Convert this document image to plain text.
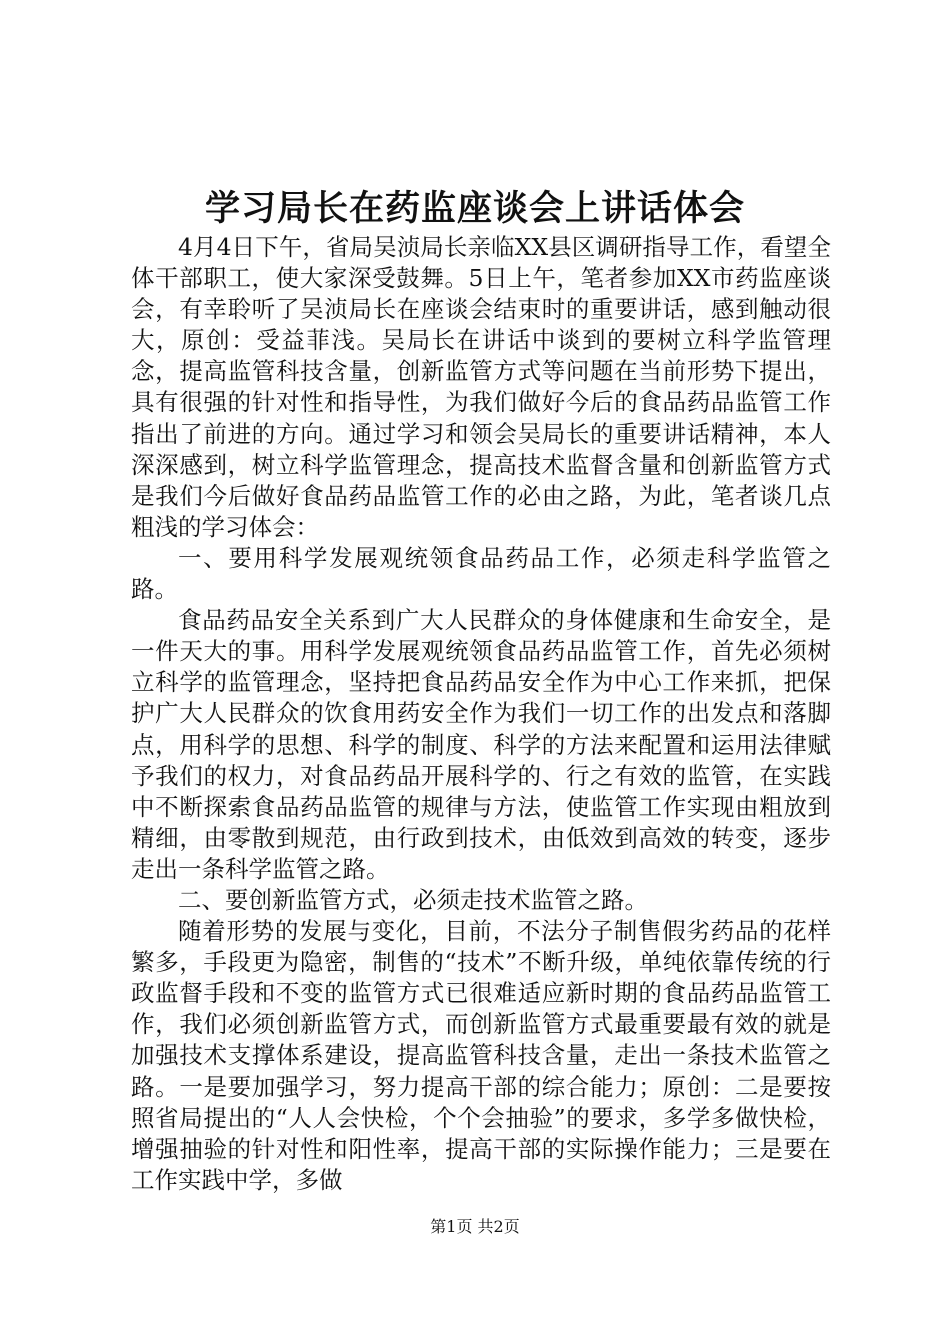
学习局长在药监座谈会上讲话体会

4月4日下午，省局吴浈局长亲临XX县区调研指导工作，看望全体干部职工，使大家深受鼓舞。5日上午，笔者参加XX市药监座谈会，有幸聆听了吴浈局长在座谈会结束时的重要讲话，感到触动很大，原创：受益菲浅。吴局长在讲话中谈到的要树立科学监管理念，提高监管科技含量，创新监管方式等问题在当前形势下提出，具有很强的针对性和指导性，为我们做好今后的食品药品监管工作指出了前进的方向。通过学习和领会吴局长的重要讲话精神，本人深深感到，树立科学监管理念，提高技术监督含量和创新监管方式是我们今后做好食品药品监管工作的必由之路，为此，笔者谈几点粗浅的学习体会：

一、要用科学发展观统领食品药品工作，必须走科学监管之路。

食品药品安全关系到广大人民群众的身体健康和生命安全，是一件天大的事。用科学发展观统领食品药品监管工作，首先必须树立科学的监管理念，坚持把食品药品安全作为中心工作来抓，把保护广大人民群众的饮食用药安全作为我们一切工作的出发点和落脚点，用科学的思想、科学的制度、科学的方法来配置和运用法律赋予我们的权力，对食品药品开展科学的、行之有效的监管，在实践中不断探索食品药品监管的规律与方法，使监管工作实现由粗放到精细，由零散到规范，由行政到技术，由低效到高效的转变，逐步走出一条科学监管之路。

二、要创新监管方式，必须走技术监管之路。

随着形势的发展与变化，目前，不法分子制售假劣药品的花样繁多，手段更为隐密，制售的“技术”不断升级，单纯依靠传统的行政监督手段和不变的监管方式已很难适应新时期的食品药品监管工作，我们必须创新监管方式，而创新监管方式最重要最有效的就是加强技术支撑体系建设，提高监管科技含量，走出一条技术监管之路。一是要加强学习，努力提高干部的综合能力；原创：二是要按照省局提出的“人人会快检，个个会抽验”的要求，多学多做快检，增强抽验的针对性和阳性率，提高干部的实际操作能力；三是要在工作实践中学，多做

第1页 共2页
